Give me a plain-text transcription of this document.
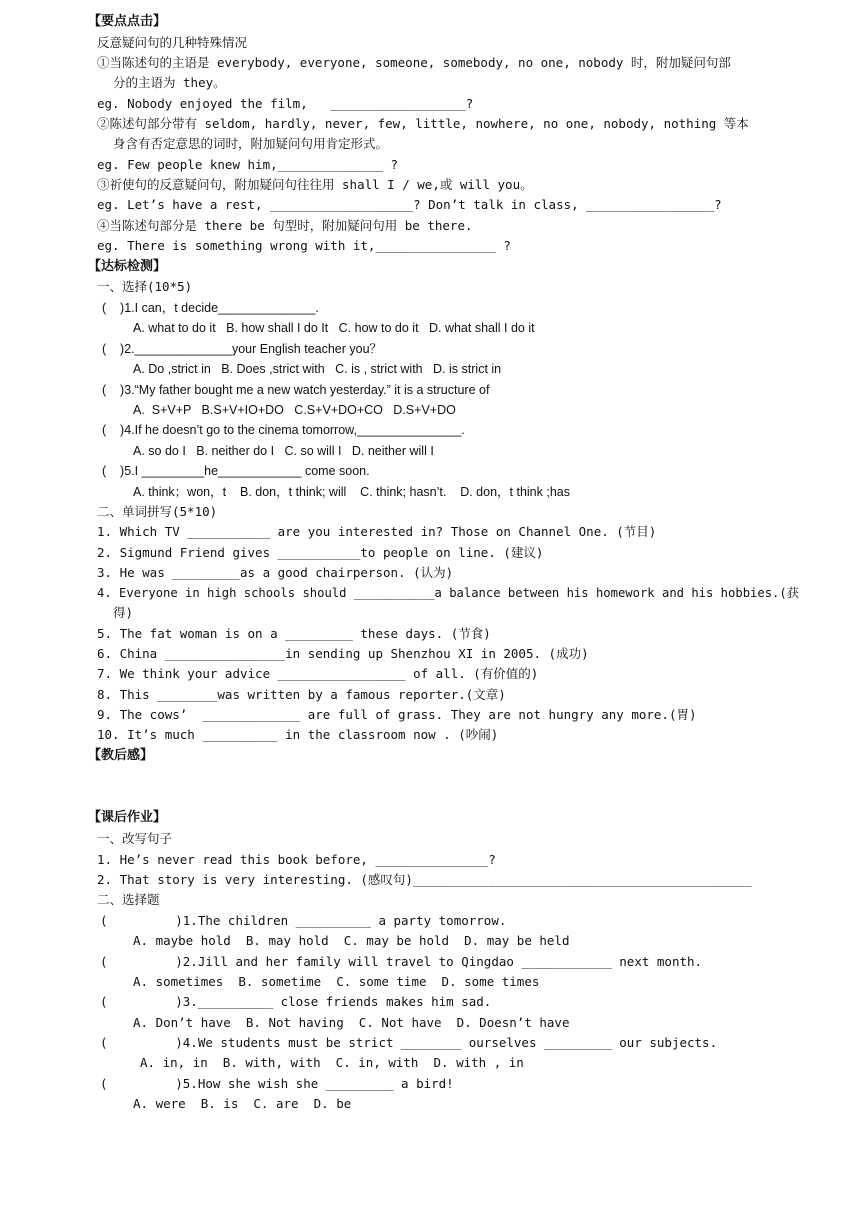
【要点点击】
反意疑问句的几种特殊情况
①当陈述句的主语是 everybody, everyone, someone, somebody, no one, nobody 时，附加疑问句部
分的主语为 they。
eg. Nobody enjoyed the film,   __________________?
②陈述句部分带有 seldom, hardly, never, few, little, nowhere, no one, nobody, nothing 等本
身含有否定意思的词时，附加疑问句用肯定形式。
eg. Few people knew him,______________ ?
③祈使句的反意疑问句，附加疑问句往往用 shall I / we,或 will you。
eg. Let’s have a rest, ___________________? Don’t talk in class, _________________?
④当陈述句部分是 there be 句型时，附加疑问句用 be there.
eg. There is something wrong with it,________________ ?
【达标检测】
一、选择(10*5)
(    )1.I can，t decide______________.
A. what to do it   B. how shall I do It   C. how to do it   D. what shall I do it
(    )2.______________your English teacher you？
A. Do ,strict in   B. Does ,strict with   C. is , strict with   D. is strict in
(    )3.“My father bought me a new watch yesterday.” it is a structure of
A.  S+V+P   B.S+V+IO+DO   C.S+V+DO+CO   D.S+V+DO
(    )4.If he doesn’t go to the cinema tomorrow,_______________.
A. so do I   B. neither do I   C. so will I   D. neither will I
(    )5.I _________he____________ come soon.
A. think；won，t    B. don，t think; will    C. think; hasn’t.    D. don，t think ;has
二、单词拼写(5*10)
1. Which TV ___________ are you interested in? Those on Channel One. (节目)
2. Sigmund Friend gives ___________to people on line. (建议)
3. He was _________as a good chairperson. (认为)
4. Everyone in high schools should ___________a balance between his homework and his hobbies.(获
得)
5. The fat woman is on a _________ these days. (节食)
6. China ________________in sending up Shenzhou XI in 2005. (成功)
7. We think your advice _________________ of all. (有价值的)
8. This ________was written by a famous reporter.(文章)
9. The cows’  _____________ are full of grass. They are not hungry any more.(胃)
10. It’s much __________ in the classroom now . (吵闹)
【教后感】
【课后作业】
一、改写句子
1. He’s never read this book before, _______________?
2. That story is very interesting. (感叹句)_____________________________________________
二、选择题
(         )1.The children __________ a party tomorrow.
A. maybe hold  B. may hold  C. may be hold  D. may be held
(         )2.Jill and her family will travel to Qingdao ____________ next month.
A. sometimes  B. sometime  C. some time  D. some times
(         )3.__________ close friends makes him sad.
A. Don’t have  B. Not having  C. Not have  D. Doesn’t have
(         )4.We students must be strict ________ ourselves _________ our subjects.
A. in, in  B. with, with  C. in, with  D. with , in
(         )5.How she wish she _________ a bird!
A. were  B. is  C. are  D. be
